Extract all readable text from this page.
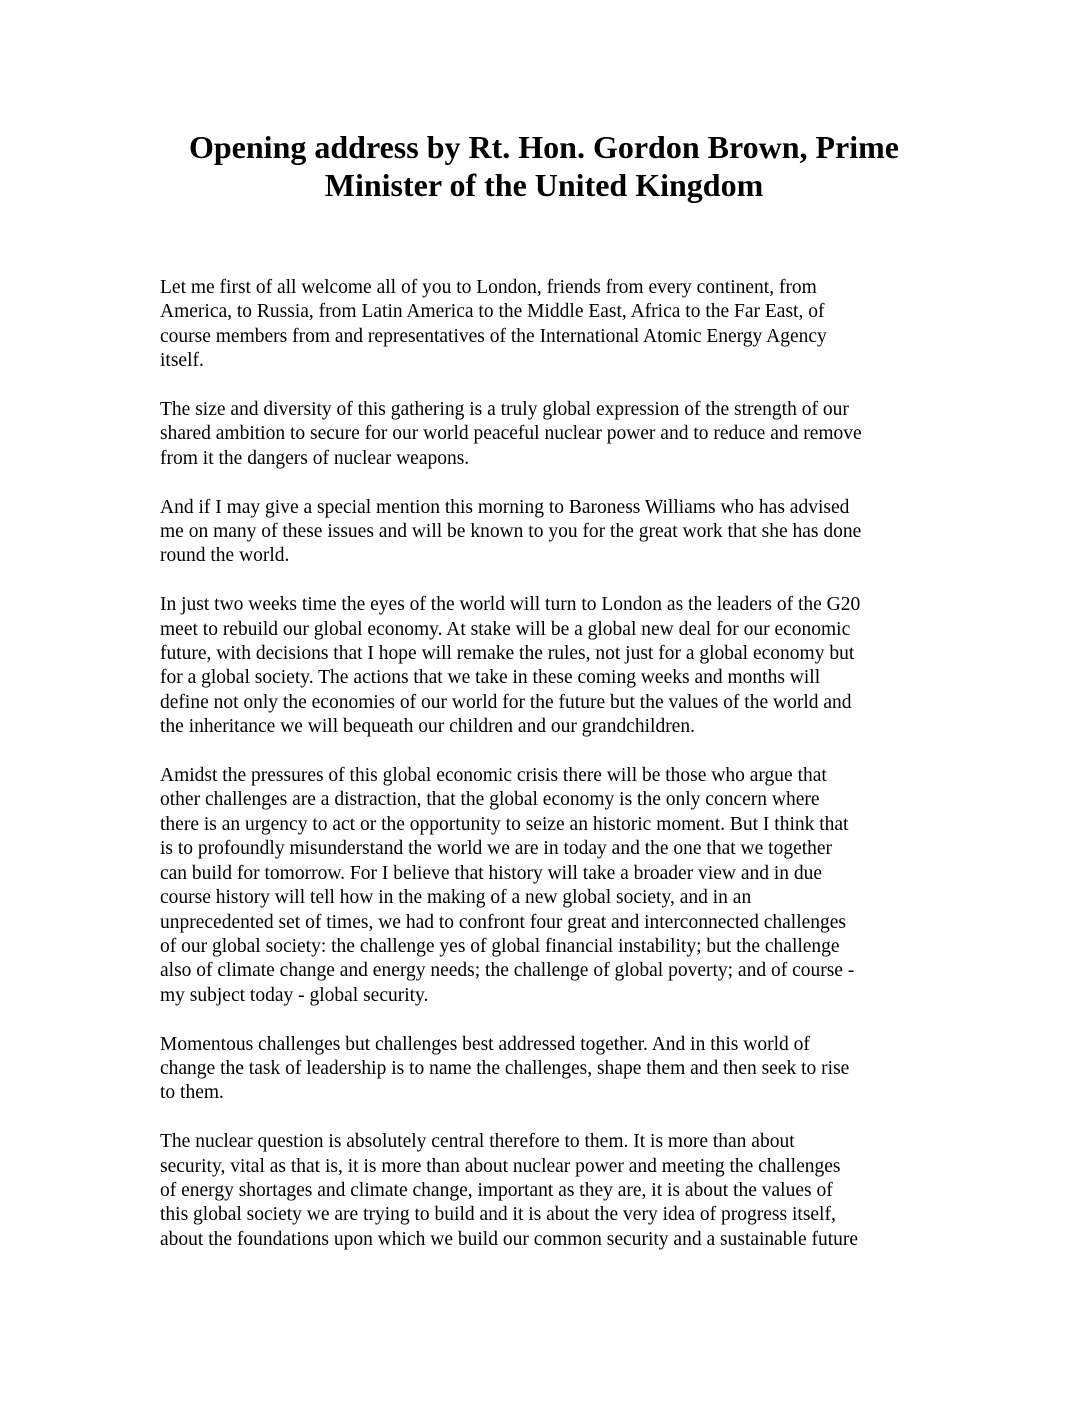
Opening address by Rt. Hon. Gordon Brown, Prime
Minister of the United Kingdom

Let me first of all welcome all of you to London, friends from every continent, from
America, to Russia, from Latin America to the Middle East, Africa to the Far East, of
course members from and representatives of the International Atomic Energy Agency
itself.

The size and diversity of this gathering is a truly global expression of the strength of our
shared ambition to secure for our world peaceful nuclear power and to reduce and remove
from it the dangers of nuclear weapons.

And if I may give a special mention this morning to Baroness Williams who has advised
me on many of these issues and will be known to you for the great work that she has done
round the world.

In just two weeks time the eyes of the world will turn to London as the leaders of the G20
meet to rebuild our global economy. At stake will be a global new deal for our economic
future, with decisions that I hope will remake the rules, not just for a global economy but
for a global society. The actions that we take in these coming weeks and months will
define not only the economies of our world for the future but the values of the world and
the inheritance we will bequeath our children and our grandchildren.

Amidst the pressures of this global economic crisis there will be those who argue that
other challenges are a distraction, that the global economy is the only concern where
there is an urgency to act or the opportunity to seize an historic moment. But I think that
is to profoundly misunderstand the world we are in today and the one that we together
can build for tomorrow. For I believe that history will take a broader view and in due
course history will tell how in the making of a new global society, and in an
unprecedented set of times, we had to confront four great and interconnected challenges
of our global society: the challenge yes of global financial instability; but the challenge
also of climate change and energy needs; the challenge of global poverty; and of course -
my subject today - global security.

Momentous challenges but challenges best addressed together. And in this world of
change the task of leadership is to name the challenges, shape them and then seek to rise
to them.

The nuclear question is absolutely central therefore to them. It is more than about
security, vital as that is, it is more than about nuclear power and meeting the challenges
of energy shortages and climate change, important as they are, it is about the values of
this global society we are trying to build and it is about the very idea of progress itself,
about the foundations upon which we build our common security and a sustainable future
